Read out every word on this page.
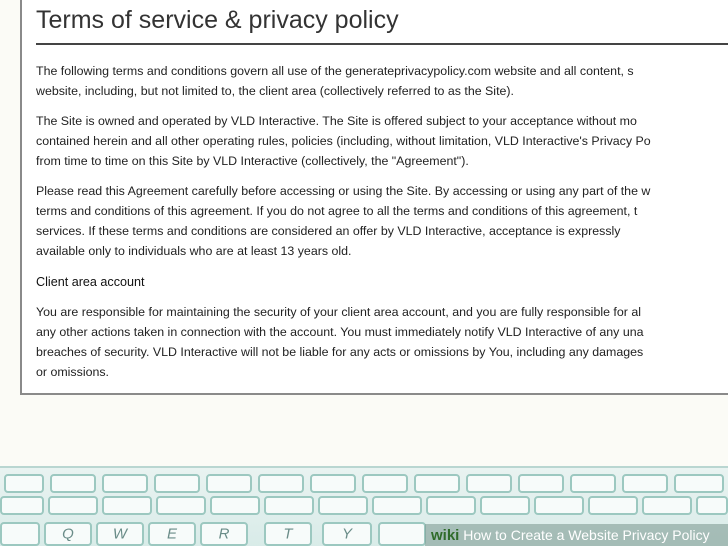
Terms of service & privacy policy

The following terms and conditions govern all use of the generateprivacypolicy.com website and all content, s
website, including, but not limited to, the client area (collectively referred to as the Site).

The Site is owned and operated by VLD Interactive. The Site is offered subject to your acceptance without mo
contained herein and all other operating rules, policies (including, without limitation, VLD Interactive's Privacy Po
from time to time on this Site by VLD Interactive (collectively, the "Agreement").

Please read this Agreement carefully before accessing or using the Site. By accessing or using any part of the w
terms and conditions of this agreement. If you do not agree to all the terms and conditions of this agreement, t
services. If these terms and conditions are considered an offer by VLD Interactive, acceptance is expressly
available only to individuals who are at least 13 years old.

Client area account

You are responsible for maintaining the security of your client area account, and you are fully responsible for al
any other actions taken in connection with the account. You must immediately notify VLD Interactive of any una
breaches of security. VLD Interactive will not be liable for any acts or omissions by You, including any damages
or omissions.

Q	W	E	R	T	Y	wiki How to Create a Website Privacy Policy
